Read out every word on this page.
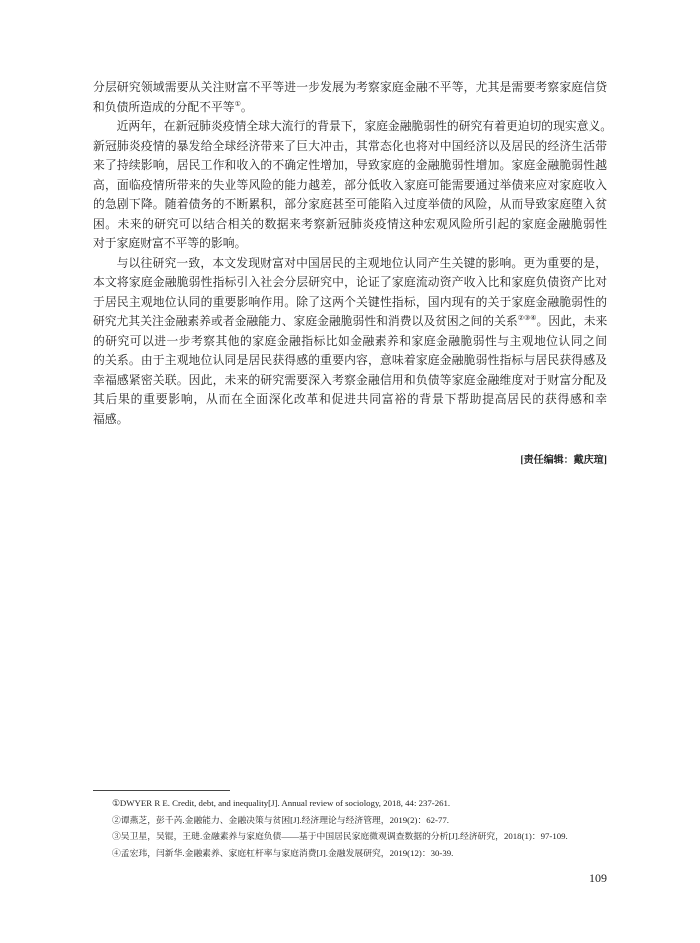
分层研究领域需要从关注财富不平等进一步发展为考察家庭金融不平等，尤其是需要考察家庭信贷
和负债所造成的分配不平等①。
近两年，在新冠肺炎疫情全球大流行的背景下，家庭金融脆弱性的研究有着更迫切的现实意义。
新冠肺炎疫情的暴发给全球经济带来了巨大冲击，其常态化也将对中国经济以及居民的经济生活带
来了持续影响，居民工作和收入的不确定性增加，导致家庭的金融脆弱性增加。家庭金融脆弱性越
高，面临疫情所带来的失业等风险的能力越差，部分低收入家庭可能需要通过举债来应对家庭收入
的急剧下降。随着债务的不断累积，部分家庭甚至可能陷入过度举债的风险，从而导致家庭堕入贫
困。未来的研究可以结合相关的数据来考察新冠肺炎疫情这种宏观风险所引起的家庭金融脆弱性
对于家庭财富不平等的影响。
与以往研究一致，本文发现财富对中国居民的主观地位认同产生关键的影响。更为重要的是，
本文将家庭金融脆弱性指标引入社会分层研究中，论证了家庭流动资产收入比和家庭负债资产比对
于居民主观地位认同的重要影响作用。除了这两个关键性指标，国内现有的关于家庭金融脆弱性的
研究尤其关注金融素养或者金融能力、家庭金融脆弱性和消费以及贫困之间的关系②③④。因此，未来
的研究可以进一步考察其他的家庭金融指标比如金融素养和家庭金融脆弱性与主观地位认同之间
的关系。由于主观地位认同是居民获得感的重要内容，意味着家庭金融脆弱性指标与居民获得感及
幸福感紧密关联。因此，未来的研究需要深入考察金融信用和负债等家庭金融维度对于财富分配及
其后果的重要影响，从而在全面深化改革和促进共同富裕的背景下帮助提高居民的获得感和幸
福感。
[责任编辑：戴庆瑄]
①DWYER R E. Credit, debt, and inequality[J]. Annual review of sociology, 2018, 44: 237-261.
②谭燕芝，彭千芮.金融能力、金融决策与贫困[J].经济理论与经济管理，2019(2)：62-77.
③吴卫星，吴锟，王琎.金融素养与家庭负债——基于中国居民家庭微观调查数据的分析[J].经济研究，2018(1)：97-109.
④孟宏玮，闫新华.金融素养、家庭杠杆率与家庭消费[J].金融发展研究，2019(12)：30-39.
109
